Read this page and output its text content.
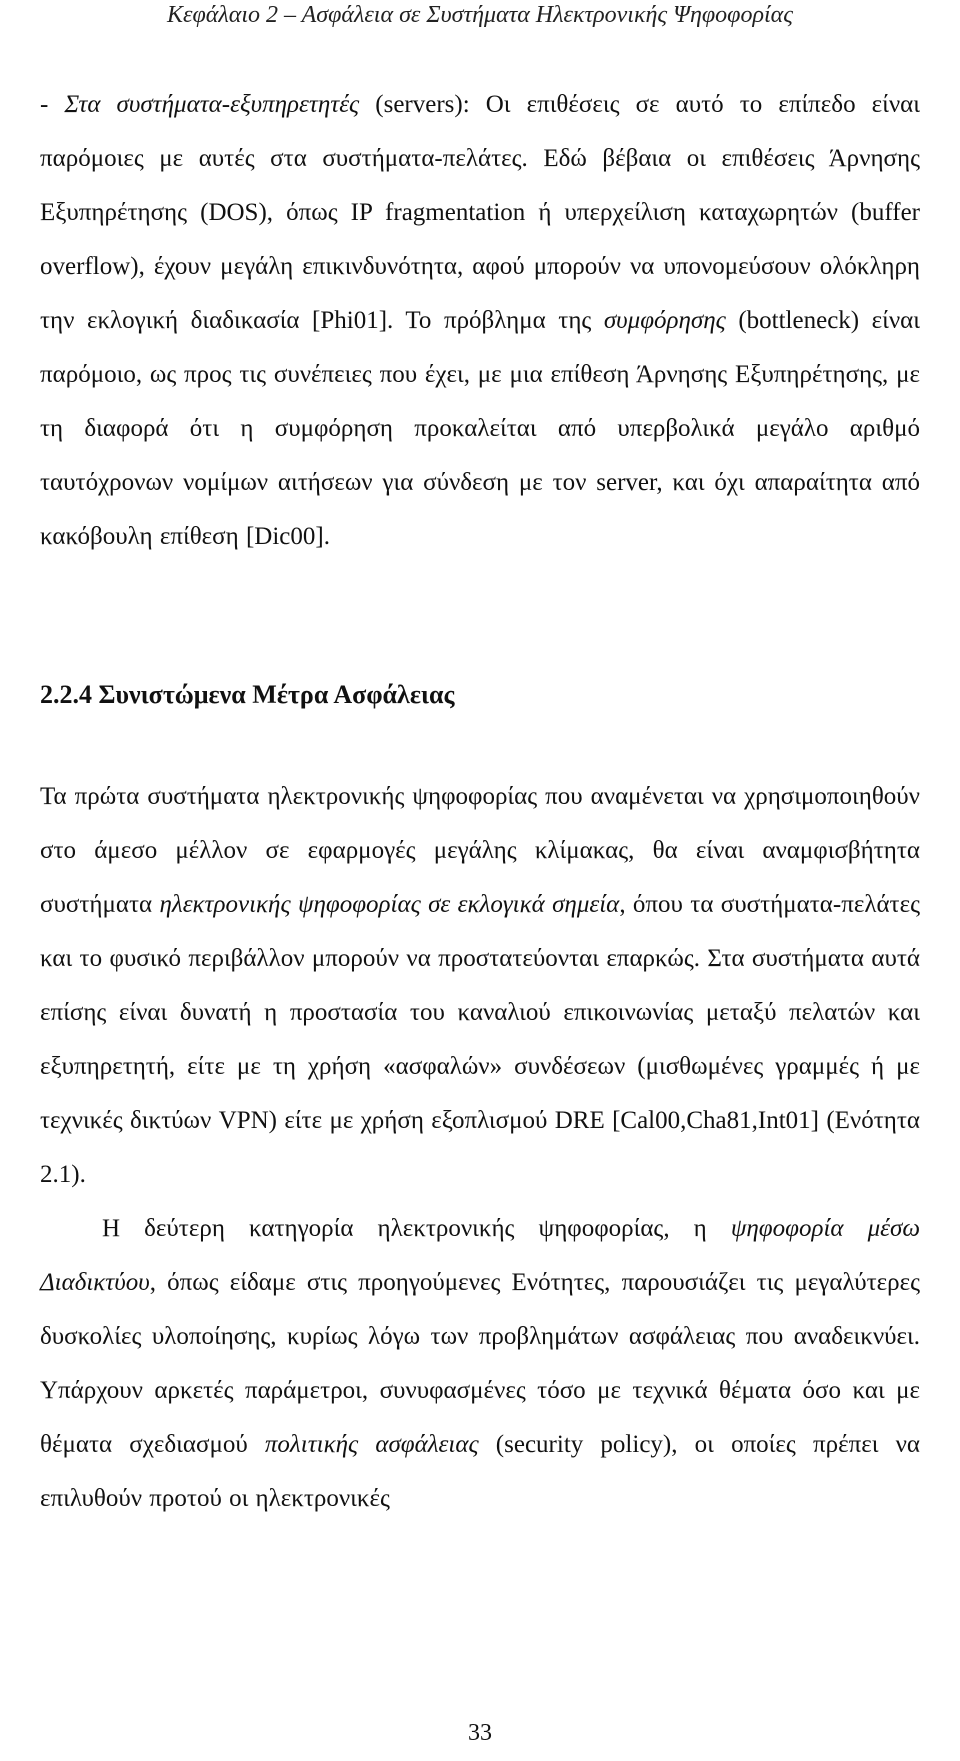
Κεφάλαιο 2 – Ασφάλεια σε Συστήματα Ηλεκτρονικής Ψηφοφορίας

- Στα συστήματα-εξυπηρετητές (servers): Οι επιθέσεις σε αυτό το επίπεδο είναι παρόμοιες με αυτές στα συστήματα-πελάτες. Εδώ βέβαια οι επιθέσεις Άρνησης Εξυπηρέτησης (DOS), όπως IP fragmentation ή υπερχείλιση καταχωρητών (buffer overflow), έχουν μεγάλη επικινδυνότητα, αφού μπορούν να υπονομεύσουν ολόκληρη την εκλογική διαδικασία [Phi01]. Το πρόβλημα της συμφόρησης (bottleneck) είναι παρόμοιο, ως προς τις συνέπειες που έχει, με μια επίθεση Άρνησης Εξυπηρέτησης, με τη διαφορά ότι η συμφόρηση προκαλείται από υπερβολικά μεγάλο αριθμό ταυτόχρονων νομίμων αιτήσεων για σύνδεση με τον server, και όχι απαραίτητα από κακόβουλη επίθεση [Dic00].

2.2.4 Συνιστώμενα Μέτρα Ασφάλειας

Τα πρώτα συστήματα ηλεκτρονικής ψηφοφορίας που αναμένεται να χρησιμοποιηθούν στο άμεσο μέλλον σε εφαρμογές μεγάλης κλίμακας, θα είναι αναμφισβήτητα συστήματα ηλεκτρονικής ψηφοφορίας σε εκλογικά σημεία, όπου τα συστήματα-πελάτες και το φυσικό περιβάλλον μπορούν να προστατεύονται επαρκώς. Στα συστήματα αυτά επίσης είναι δυνατή η προστασία του καναλιού επικοινωνίας μεταξύ πελατών και εξυπηρετητή, είτε με τη χρήση «ασφαλών» συνδέσεων (μισθωμένες γραμμές ή με τεχνικές δικτύων VPN) είτε με χρήση εξοπλισμού DRE [Cal00,Cha81,Int01] (Ενότητα 2.1).

Η δεύτερη κατηγορία ηλεκτρονικής ψηφοφορίας, η ψηφοφορία μέσω Διαδικτύου, όπως είδαμε στις προηγούμενες Ενότητες, παρουσιάζει τις μεγαλύτερες δυσκολίες υλοποίησης, κυρίως λόγω των προβλημάτων ασφάλειας που αναδεικνύει. Υπάρχουν αρκετές παράμετροι, συνυφασμένες τόσο με τεχνικά θέματα όσο και με θέματα σχεδιασμού πολιτικής ασφάλειας (security policy), οι οποίες πρέπει να επιλυθούν προτού οι ηλεκτρονικές

33
